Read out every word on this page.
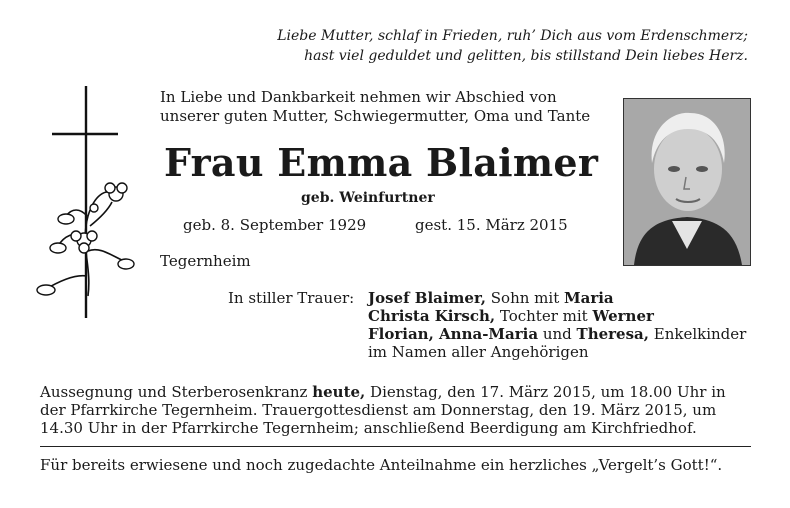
Liebe Mutter, schlaf in Frieden, ruh’ Dich aus vom Erdenschmerz;
hast viel geduldet und gelitten, bis stillstand Dein liebes Herz.
In Liebe und Dankbarkeit nehmen wir Abschied von
unserer guten Mutter, Schwiegermutter, Oma und Tante
Frau Emma Blaimer
geb. Weinfurtner
geb. 8. September 1929	gest. 15. März 2015
Tegernheim
In stiller Trauer: Josef Blaimer, Sohn mit Maria
Christa Kirsch, Tochter mit Werner
Florian, Anna-Maria und Theresa, Enkelkinder
im Namen aller Angehörigen
Aussegnung und Sterberosenkranz heute, Dienstag, den 17. März 2015, um 18.00 Uhr in
der Pfarrkirche Tegernheim. Trauergottesdienst am Donnerstag, den 19. März 2015, um
14.30 Uhr in der Pfarrkirche Tegernheim; anschließend Beerdigung am Kirchfriedhof.
Für bereits erwiesene und noch zugedachte Anteilnahme ein herzliches „Vergelt’s Gott!“.
